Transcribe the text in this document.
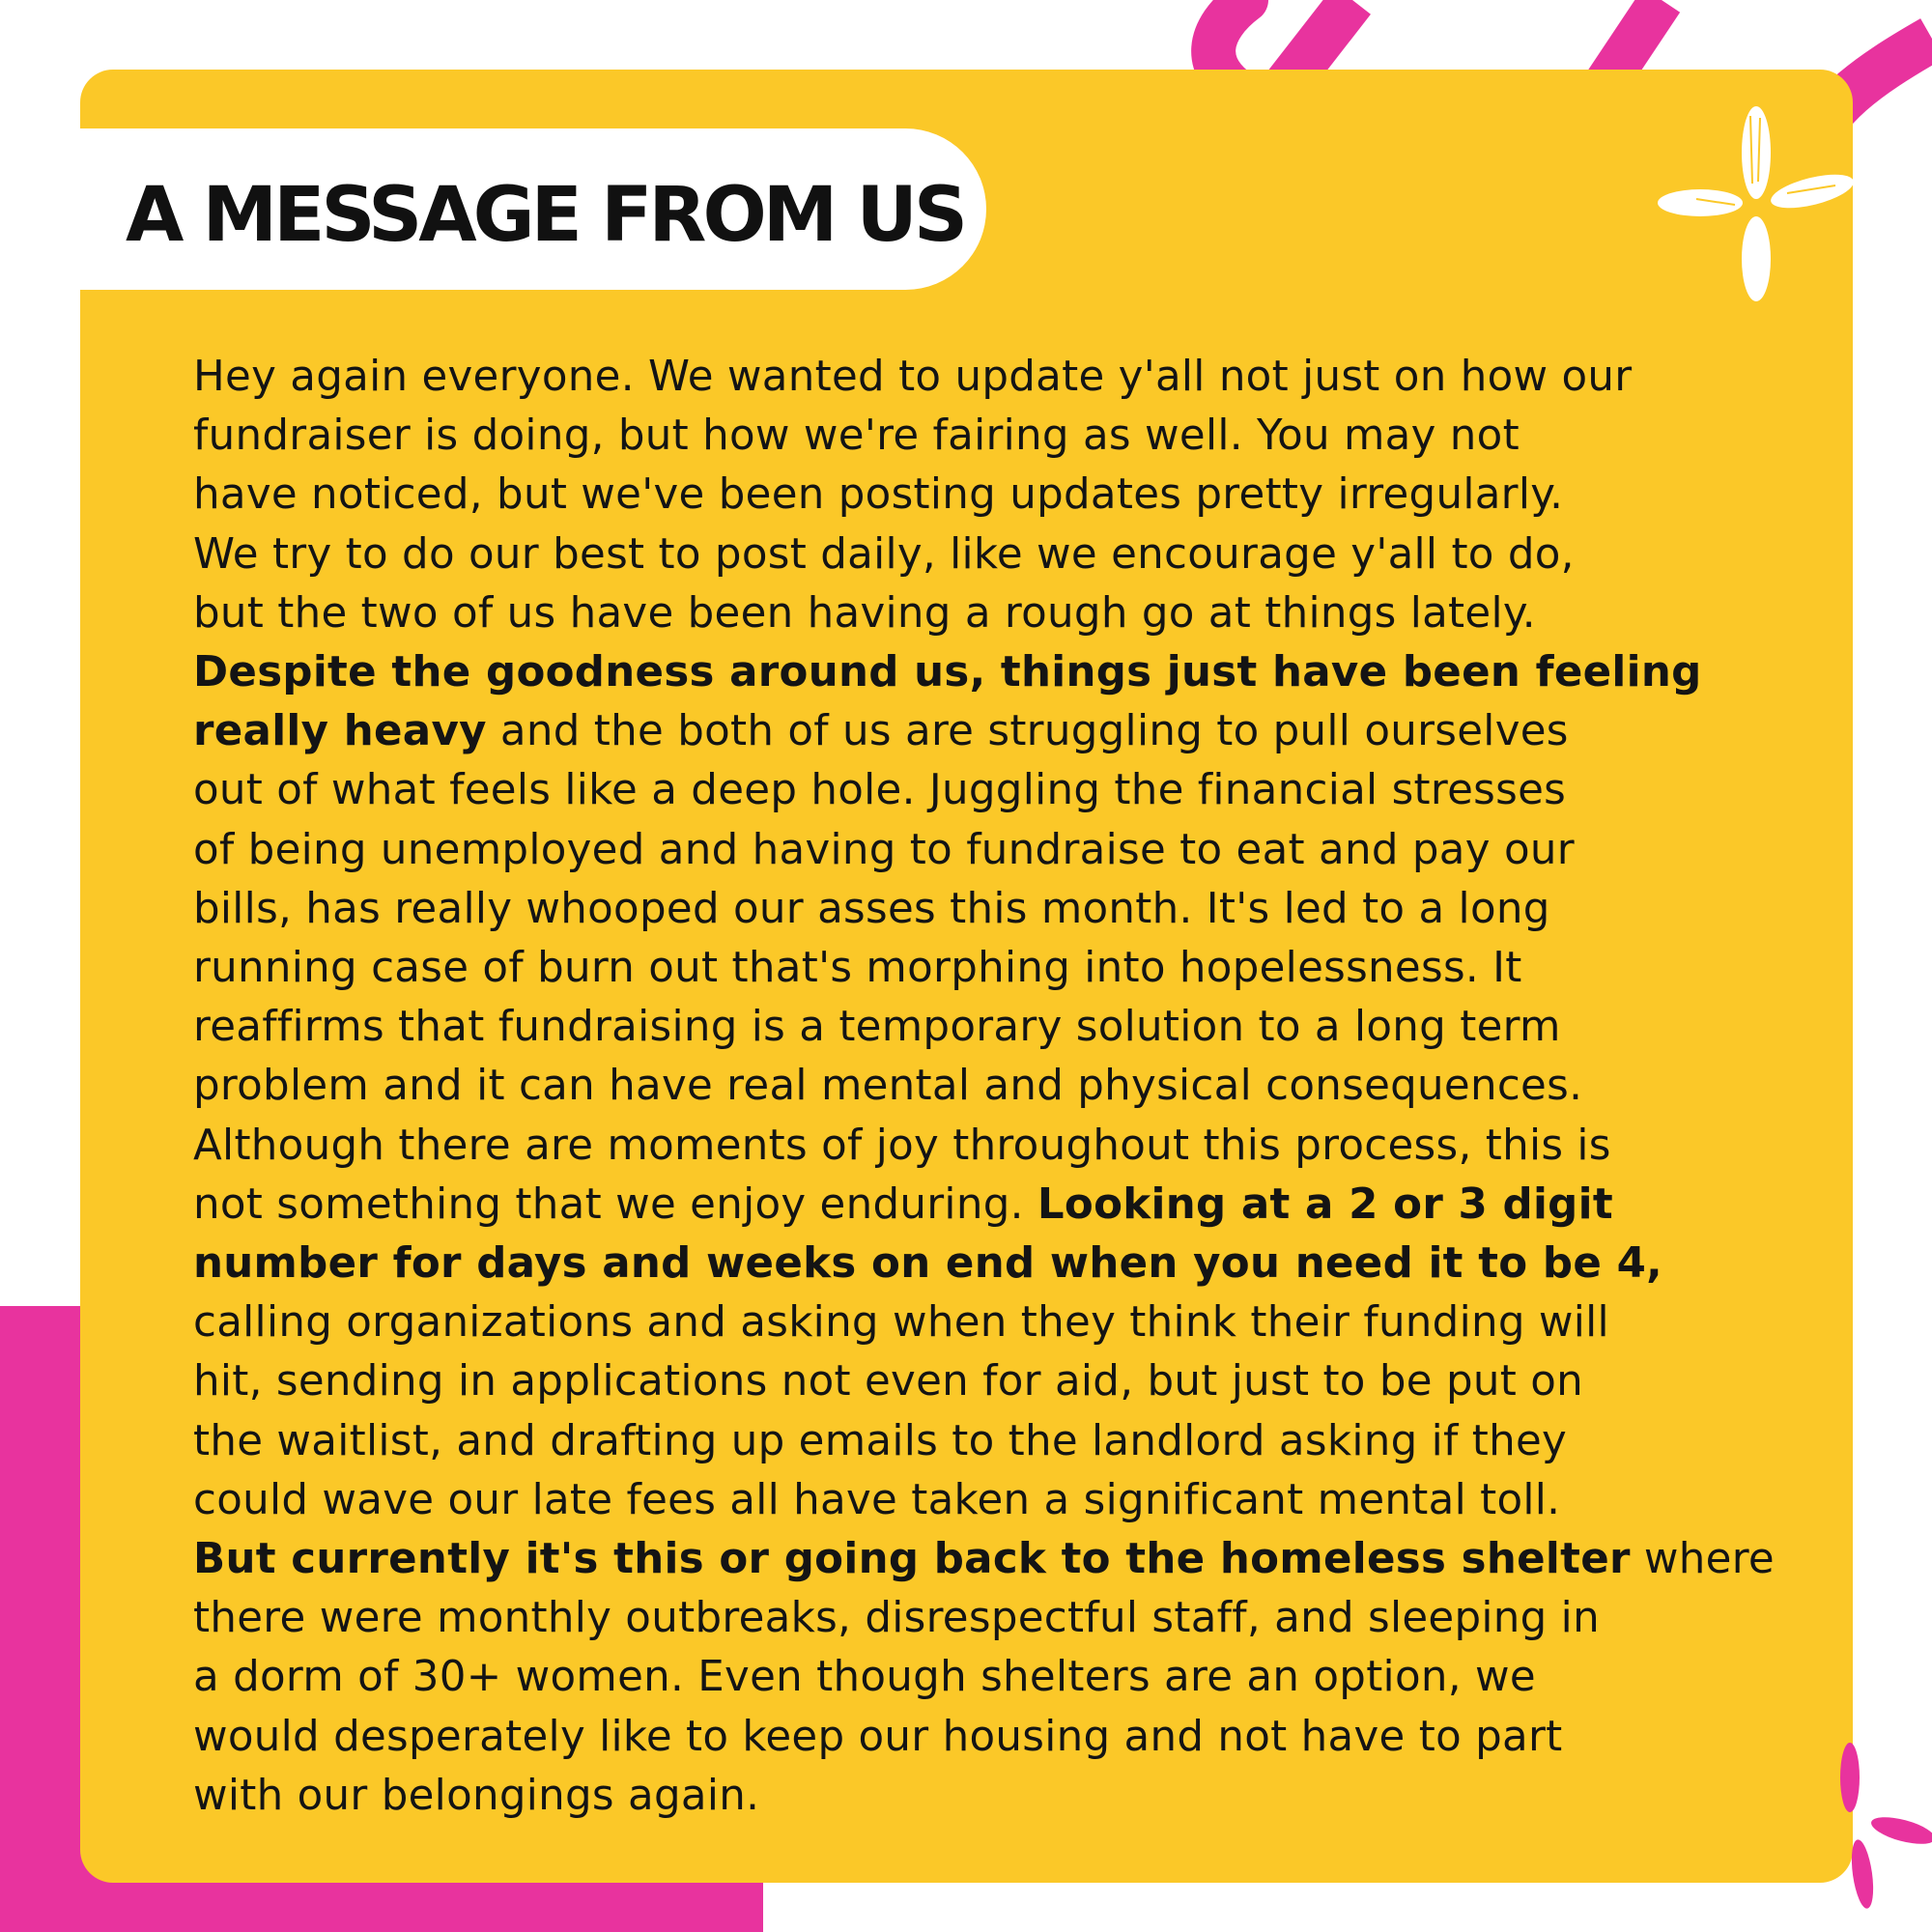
A MESSAGE FROM US
Hey again everyone. We wanted to update y'all not just on how our
fundraiser is doing, but how we're fairing as well. You may not
have noticed, but we've been posting updates pretty irregularly.
We try to do our best to post daily, like we encourage y'all to do,
but the two of us have been having a rough go at things lately.
Despite the goodness around us, things just have been feeling
really heavy and the both of us are struggling to pull ourselves
out of what feels like a deep hole. Juggling the financial stresses
of being unemployed and having to fundraise to eat and pay our
bills, has really whooped our asses this month. It's led to a long
running case of burn out that's morphing into hopelessness. It
reaffirms that fundraising is a temporary solution to a long term
problem and it can have real mental and physical consequences.
Although there are moments of joy throughout this process, this is
not something that we enjoy enduring. Looking at a 2 or 3 digit
number for days and weeks on end when you need it to be 4,
calling organizations and asking when they think their funding will
hit, sending in applications not even for aid, but just to be put on
the waitlist, and drafting up emails to the landlord asking if they
could wave our late fees all have taken a significant mental toll.
But currently it's this or going back to the homeless shelter where
there were monthly outbreaks, disrespectful staff, and sleeping in
a dorm of 30+ women. Even though shelters are an option, we
would desperately like to keep our housing and not have to part
with our belongings again.
